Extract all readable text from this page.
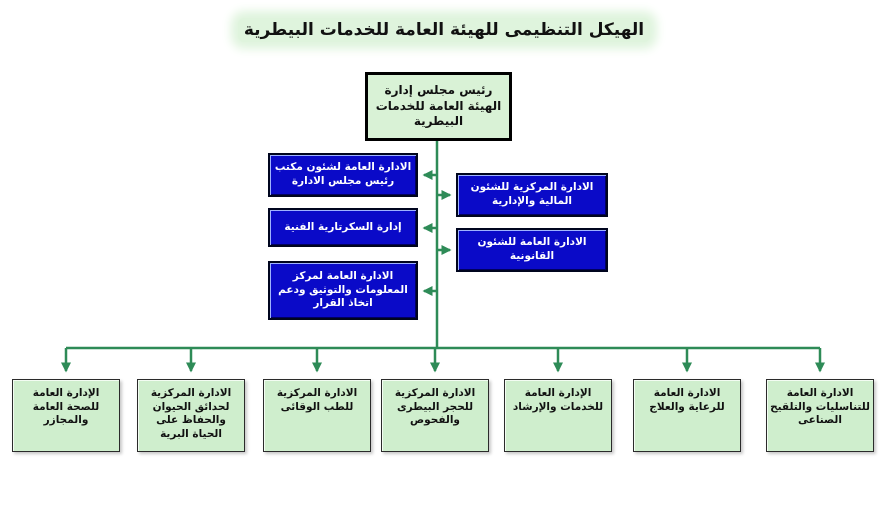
الهيكل التنظيمى للهيئة العامة للخدمات البيطرية
رئيس مجلس إدارة الهيئة العامة للخدمات البيطرية
الادارة العامة لشئون مكتب رئيس مجلس الادارة
إدارة السكرتارية الفنية
الادارة العامة لمركز المعلومات والتوثيق ودعم اتخاذ القرار
الادارة المركزية للشئون المالية والإدارية
الادارة العامة للشئون القانونية
الإدارة العامة للصحة العامة والمجازر
الادارة المركزية لحدائق الحيوان والحفاظ على الحياة البرية
الادارة المركزية للطب الوقائى
الادارة المركزية للحجر البيطرى والفحوص
الإدارة العامة للخدمات والإرشاد
الادارة العامة للرعاية والعلاج
الادارة العامة للتناسليات والتلقيح الصناعى
